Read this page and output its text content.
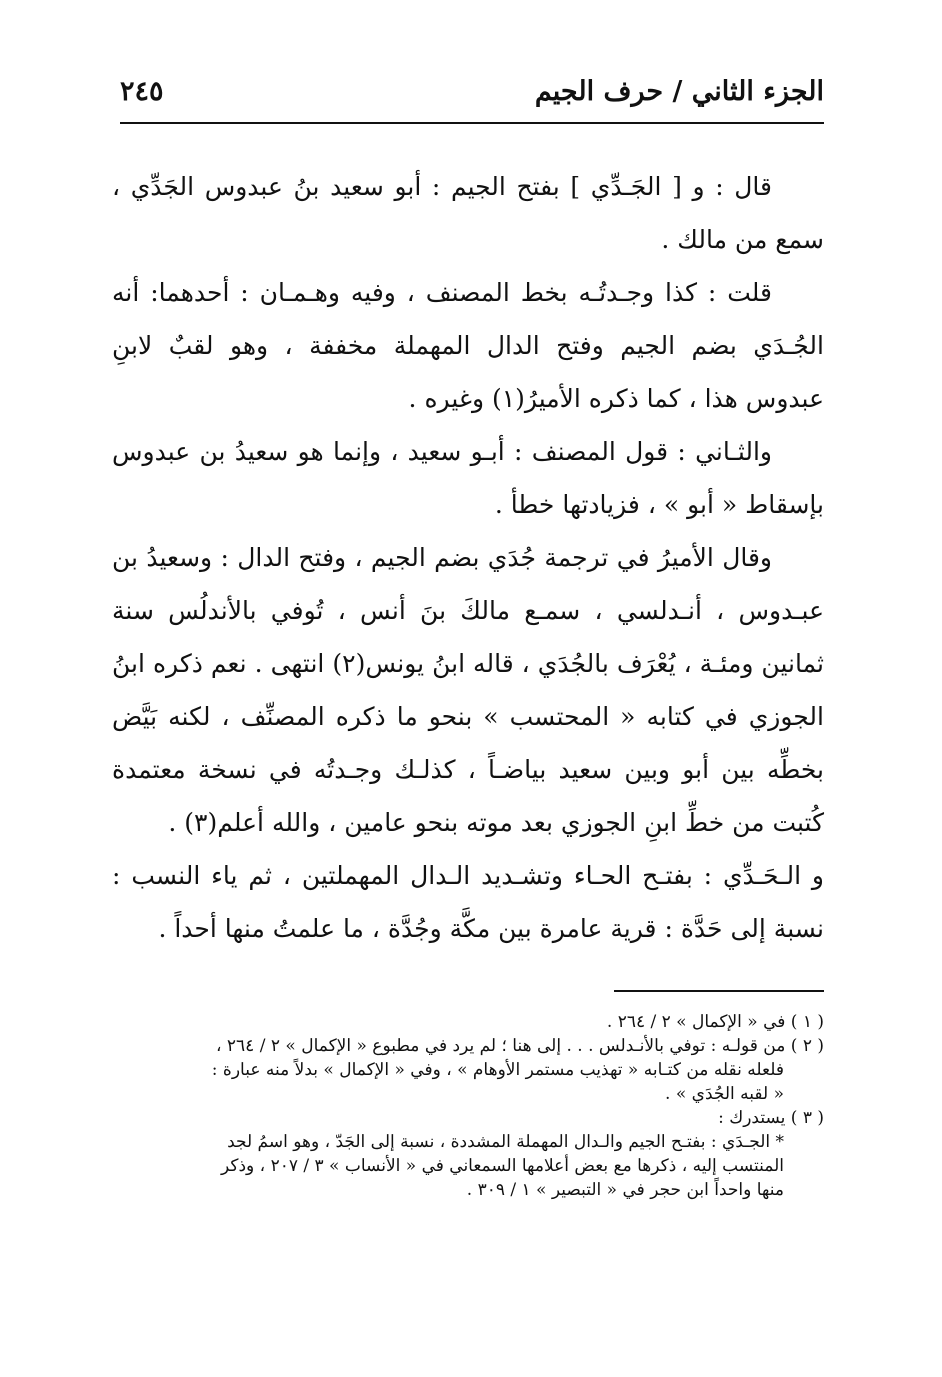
الجزء الثاني / حرف الجيم
٢٤٥

قال : و [ الجَـدِّي ] بفتح الجيم : أبو سعيد بنُ عبدوس الجَدِّي ، سمع من مالك .

قلت : كذا وجـدتُـه بخط المصنف ، وفيه وهـمـان : أحدهما: أنه الجُـدَي بضم الجيم وفتح الدال المهملة مخففة ، وهو لقبٌ لابنِ عبدوس هذا ، كما ذكره الأميرُ(١) وغيره .

والثـاني : قول المصنف : أبـو سعيد ، وإنما هو سعيدُ بن عبدوس بإسقاط « أبو » ، فزيادتها خطأ .

وقال الأميرُ في ترجمة جُدَي بضم الجيم ، وفتح الدال : وسعيدُ بن عبـدوس ، أنـدلسي ، سمـع مالكَ بنَ أنس ، تُوفي بالأندلُس سنة ثمانين ومئـة ، يُعْرَف بالجُدَي ، قاله ابنُ يونس(٢) انتهى . نعم ذكره ابنُ الجوزي في كتابه « المحتسب » بنحو ما ذكره المصنِّف ، لكنه بَيَّض بخطِّه بين أبو وبين سعيد بياضـاً ، كذلـك وجـدتُه في نسخة معتمدة كُتبت من خطِّ ابنِ الجوزي بعد موته بنحو عامين ، والله أعلم(٣) .

و الـحَـدِّي : بفتـح الحـاء وتشـديد الـدال المهملتين ، ثم ياء النسب : نسبة إلى حَدَّة : قرية عامرة بين مكَّة وجُدَّة ، ما علمتُ منها أحداً .

( ١ ) في « الإكمال » ٢ / ٢٦٤ .

( ٢ ) من قولـه : توفي بالأنـدلس . . . إلى هنا ؛ لم يرد في مطبوع « الإكمال » ٢ / ٢٦٤ ،

فلعله نقله من كتـابه « تهذيب مستمر الأوهام » ، وفي « الإكمال » بدلاً منه عبارة :

« لقبه الجُدَي » .

( ٣ ) يستدرك :

* الجـدَي : بفتـح الجيم والـدال المهملة المشددة ، نسبة إلى الجَدّ ، وهو اسمُ لجد

المنتسب إليه ، ذكرها مع بعض أعلامها السمعاني في « الأنساب » ٣ / ٢٠٧ ، وذكر

منها واحداً ابن حجر في « التبصير » ١ / ٣٠٩ .
